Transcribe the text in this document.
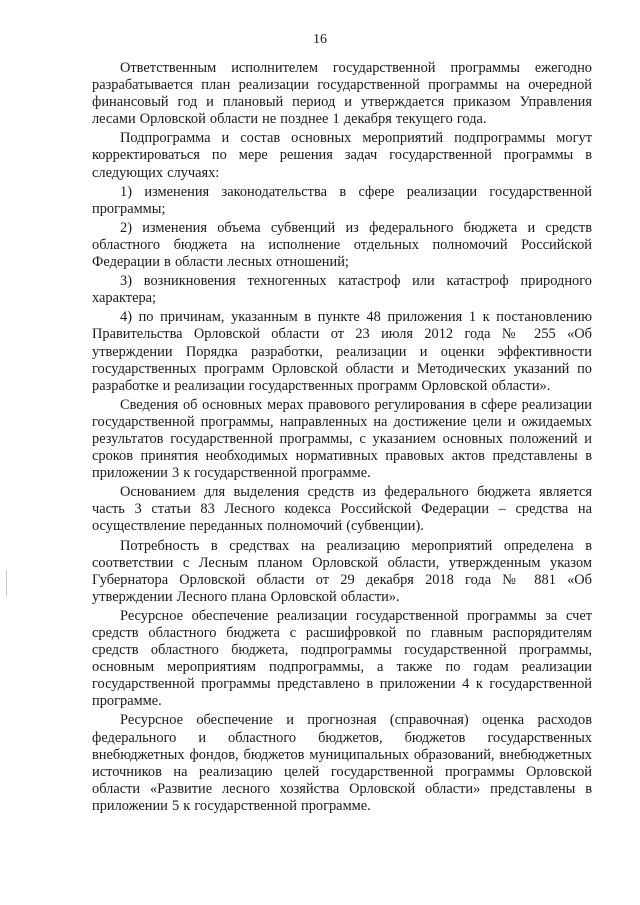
16

Ответственным исполнителем государственной программы ежегодно разрабатывается план реализации государственной программы на очередной финансовый год и плановый период и утверждается приказом Управления лесами Орловской области не позднее 1 декабря текущего года.

Подпрограмма и состав основных мероприятий подпрограммы могут корректироваться по мере решения задач государственной программы в следующих случаях:

1) изменения законодательства в сфере реализации государственной программы;

2) изменения объема субвенций из федерального бюджета и средств областного бюджета на исполнение отдельных полномочий Российской Федерации в области лесных отношений;

3) возникновения техногенных катастроф или катастроф природного характера;

4) по причинам, указанным в пункте 48 приложения 1 к постановлению Правительства Орловской области от 23 июля 2012 года № 255 «Об утверждении Порядка разработки, реализации и оценки эффективности государственных программ Орловской области и Методических указаний по разработке и реализации государственных программ Орловской области».

Сведения об основных мерах правового регулирования в сфере реализации государственной программы, направленных на достижение цели и ожидаемых результатов государственной программы, с указанием основных положений и сроков принятия необходимых нормативных правовых актов представлены в приложении 3 к государственной программе.

Основанием для выделения средств из федерального бюджета является часть 3 статьи 83 Лесного кодекса Российской Федерации – средства на осуществление переданных полномочий (субвенции).

Потребность в средствах на реализацию мероприятий определена в соответствии с Лесным планом Орловской области, утвержденным указом Губернатора Орловской области от 29 декабря 2018 года № 881 «Об утверждении Лесного плана Орловской области».

Ресурсное обеспечение реализации государственной программы за счет средств областного бюджета с расшифровкой по главным распорядителям средств областного бюджета, подпрограммы государственной программы, основным мероприятиям подпрограммы, а также по годам реализации государственной программы представлено в приложении 4 к государственной программе.

Ресурсное обеспечение и прогнозная (справочная) оценка расходов федерального и областного бюджетов, бюджетов государственных внебюджетных фондов, бюджетов муниципальных образований, внебюджетных источников на реализацию целей государственной программы Орловской области «Развитие лесного хозяйства Орловской области» представлены в приложении 5 к государственной программе.
